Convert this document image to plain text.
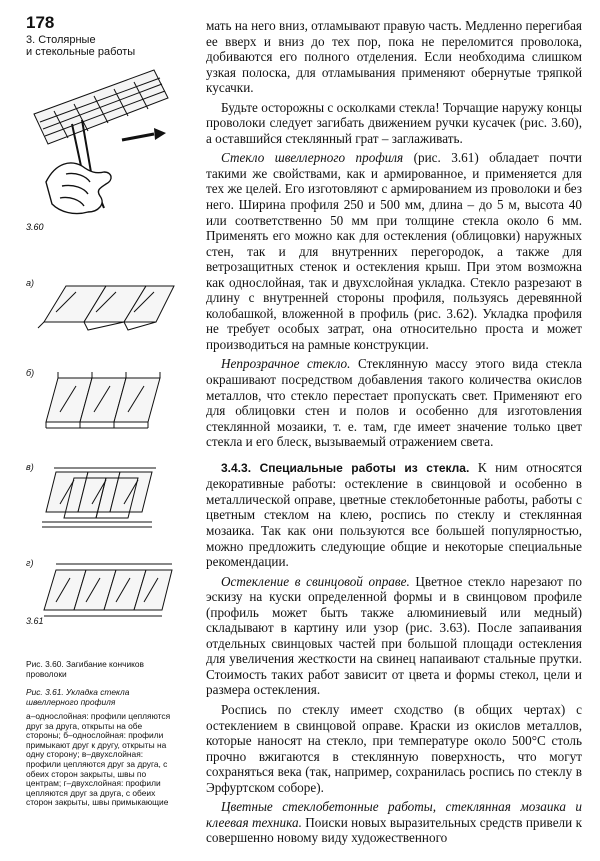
178
3. Столярные
и стекольные работы
3.60
а)
б)
в)
г)
3.61

Рис. 3.60. Загибание кончиков проволоки

Рис. 3.61. Укладка стекла швеллерного профиля

а–однослойная: профили цепляются друг за друга, открыты на обе стороны; б–однослойная: профили примыкают друг к другу, открыты на одну сторону; в–двухслойная: профили цепляются друг за друга, с обеих сторон закрыты, швы по центрам; г–двухслойная: профили цепляются друг за друга, с обеих сторон закрыты, швы примыкающие

мать на него вниз, отламывают правую часть. Медленно перегибая ее вверх и вниз до тех пор, пока не переломится проволока, добиваются его полного отделения. Если необходима слишком узкая полоска, для отламывания применяют обернутые тряпкой кусачки.

Будьте осторожны с осколками стекла! Торчащие наружу концы проволоки следует загибать движением ручки кусачек (рис. 3.60), а оставшийся стеклянный грат – заглаживать.

Стекло швеллерного профиля (рис. 3.61) обладает почти такими же свойствами, как и армированное, и применяется для тех же целей. Его изготовляют с армированием из проволоки и без него. Ширина профиля 250 и 500 мм, длина – до 5 м, высота 40 или соответственно 50 мм при толщине стекла около 6 мм. Применять его можно как для остекления (облицовки) наружных стен, так и для внутренних перегородок, а также для ветрозащитных стенок и остекления крыш. При этом возможна как однослойная, так и двухслойная укладка. Стекло разрезают в длину с внутренней стороны профиля, пользуясь деревянной колобашкой, вложенной в профиль (рис. 3.62). Укладка профиля не требует особых затрат, она относительно проста и может производиться на рамные конструкции.

Непрозрачное стекло. Стеклянную массу этого вида стекла окрашивают посредством добавления такого количества окислов металлов, что стекло перестает пропускать свет. Применяют его для облицовки стен и полов и особенно для изготовления стеклянной мозаики, т. е. там, где имеет значение только цвет стекла и его блеск, вызываемый отражением света.

3.4.3. Специальные работы из стекла. К ним относятся декоративные работы: остекление в свинцовой и особенно в металлической оправе, цветные стеклобетонные работы, работы с цветным стеклом на клею, роспись по стеклу и стеклянная мозаика. Так как они пользуются все большей популярностью, можно предложить следующие общие и некоторые специальные рекомендации.

Остекление в свинцовой оправе. Цветное стекло нарезают по эскизу на куски определенной формы и в свинцовом профиле (профиль может быть также алюминиевый или медный) складывают в картину или узор (рис. 3.63). После запаивания отдельных свинцовых частей при большой площади остекления для увеличения жесткости на свинец напаивают стальные прутки. Стоимость таких работ зависит от цвета и формы стекол, цели и размера остекления.

Роспись по стеклу имеет сходство (в общих чертах) с остеклением в свинцовой оправе. Краски из окислов металлов, которые наносят на стекло, при температуре около 500°С столь прочно вжигаются в стеклянную поверхность, что могут сохраняться века (так, например, сохранилась роспись по стеклу в Эрфуртском соборе).

Цветные стеклобетонные работы, стеклянная мозаика и клеевая техника. Поиски новых выразительных средств привели к совершенно новому виду художественного
